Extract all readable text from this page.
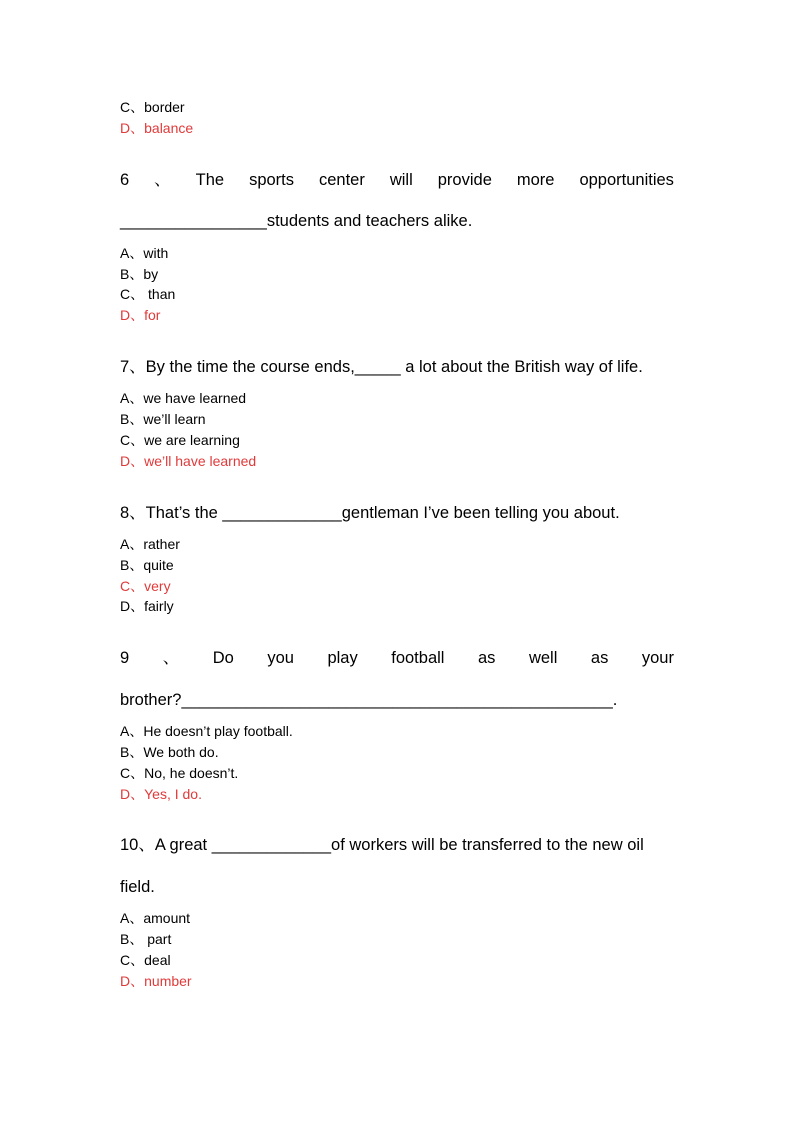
C、border
D、balance
6 、 The sports center will provide more opportunities
________________students and teachers alike.
A、with
B、by
C、 than
D、for
7、By the time the course ends,_____ a lot about the British way of life.
A、we have learned
B、we’ll learn
C、we are learning
D、we’ll have learned
8、That’s the _____________gentleman I’ve been telling you about.
A、rather
B、quite
C、very
D、fairly
9 、 Do you play football as well as your
brother?_______________________________________________.
A、He doesn’t play football.
B、We both do.
C、No, he doesn’t.
D、Yes, I do.
10、A great _____________of workers will be transferred to the new oil
field.
A、amount
B、 part
C、deal
D、number
